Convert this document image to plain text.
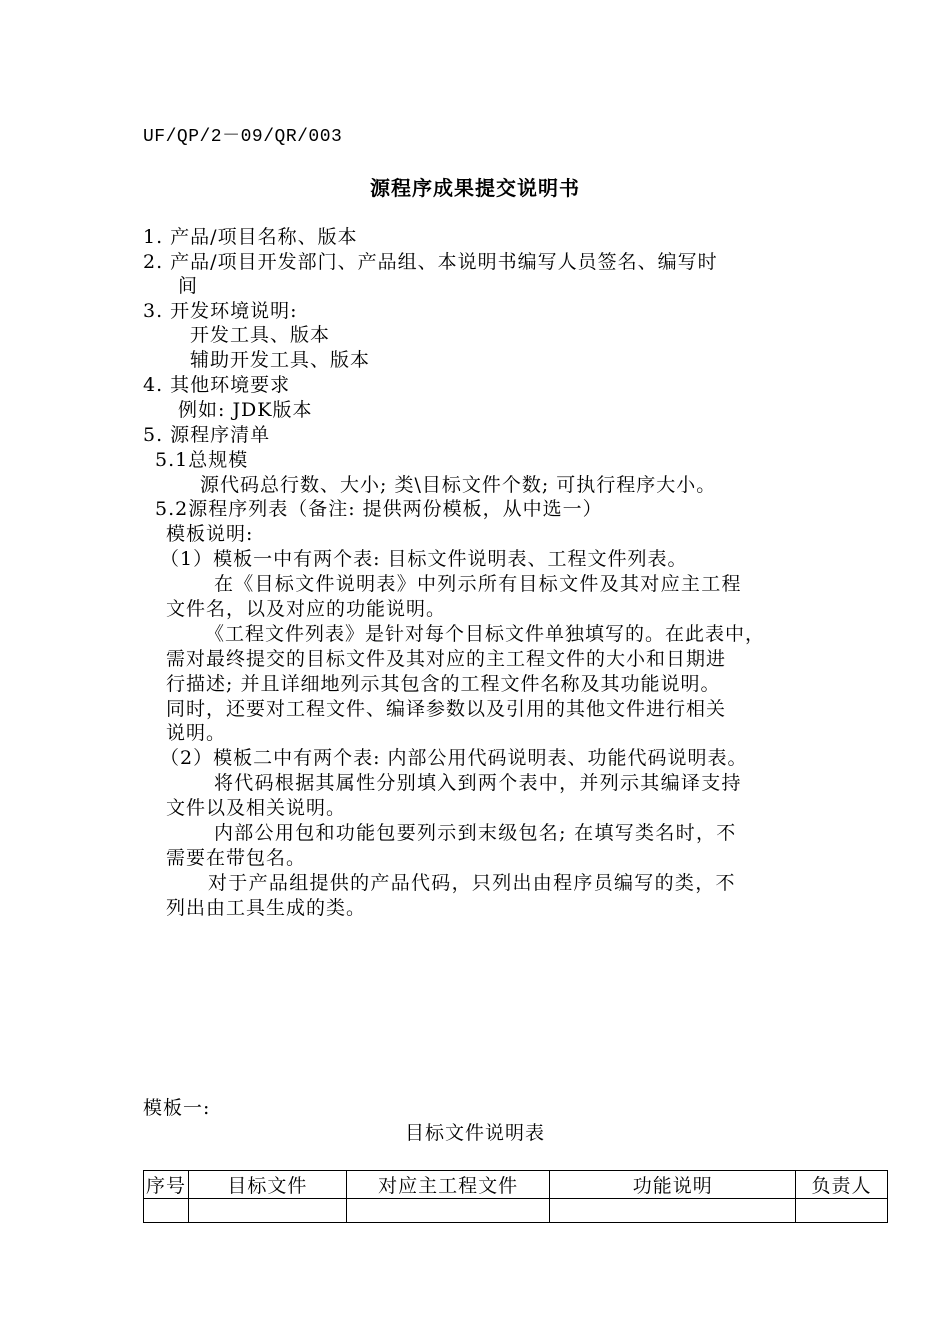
UF/QP/2－09/QR/003
源程序成果提交说明书
1. 产品/项目名称、版本
2. 产品/项目开发部门、产品组、本说明书编写人员签名、编写时
间
3. 开发环境说明:
开发工具、版本
辅助开发工具、版本
4. 其他环境要求
例如: JDK版本
5. 源程序清单
5.1总规模
源代码总行数、大小; 类\目标文件个数; 可执行程序大小。
5.2源程序列表（备注: 提供两份模板，从中选一）
模板说明:
（1）模板一中有两个表: 目标文件说明表、工程文件列表。
在《目标文件说明表》中列示所有目标文件及其对应主工程
文件名，以及对应的功能说明。
《工程文件列表》是针对每个目标文件单独填写的。在此表中，
需对最终提交的目标文件及其对应的主工程文件的大小和日期进
行描述; 并且详细地列示其包含的工程文件名称及其功能说明。
同时，还要对工程文件、编译参数以及引用的其他文件进行相关
说明。
（2）模板二中有两个表: 内部公用代码说明表、功能代码说明表。
将代码根据其属性分别填入到两个表中，并列示其编译支持
文件以及相关说明。
内部公用包和功能包要列示到末级包名; 在填写类名时，不
需要在带包名。
对于产品组提供的产品代码，只列出由程序员编写的类，不
列出由工具生成的类。
模板一:
目标文件说明表
序号	目标文件	对应主工程文件	功能说明	负责人
